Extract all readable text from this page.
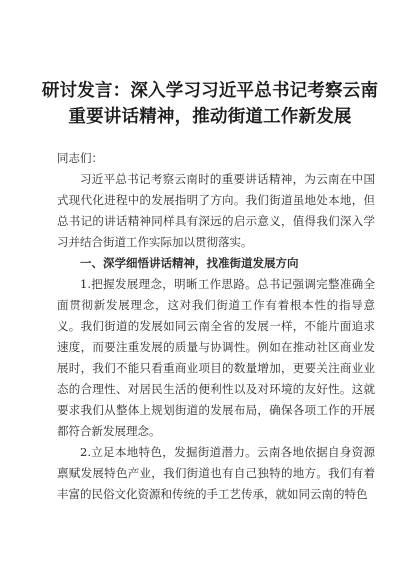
研讨发言：深入学习习近平总书记考察云南重要讲话精神，推动街道工作新发展

同志们：

习近平总书记考察云南时的重要讲话精神，为云南在中国式现代化进程中的发展指明了方向。我们街道虽地处本地，但总书记的讲话精神同样具有深远的启示意义，值得我们深入学习并结合街道工作实际加以贯彻落实。

一、深学细悟讲话精神，找准街道发展方向

1.把握发展理念，明晰工作思路。总书记强调完整准确全面贯彻新发展理念，这对我们街道工作有着根本性的指导意义。我们街道的发展如同云南全省的发展一样，不能片面追求速度，而要注重发展的质量与协调性。例如在推动社区商业发展时，我们不能只看重商业项目的数量增加，更要关注商业业态的合理性、对居民生活的便利性以及对环境的友好性。这就要求我们从整体上规划街道的发展布局，确保各项工作的开展都符合新发展理念。

2.立足本地特色，发掘街道潜力。云南各地依据自身资源禀赋发展特色产业，我们街道也有自己独特的地方。我们有着丰富的民俗文化资源和传统的手工艺传承，就如同云南的特色
